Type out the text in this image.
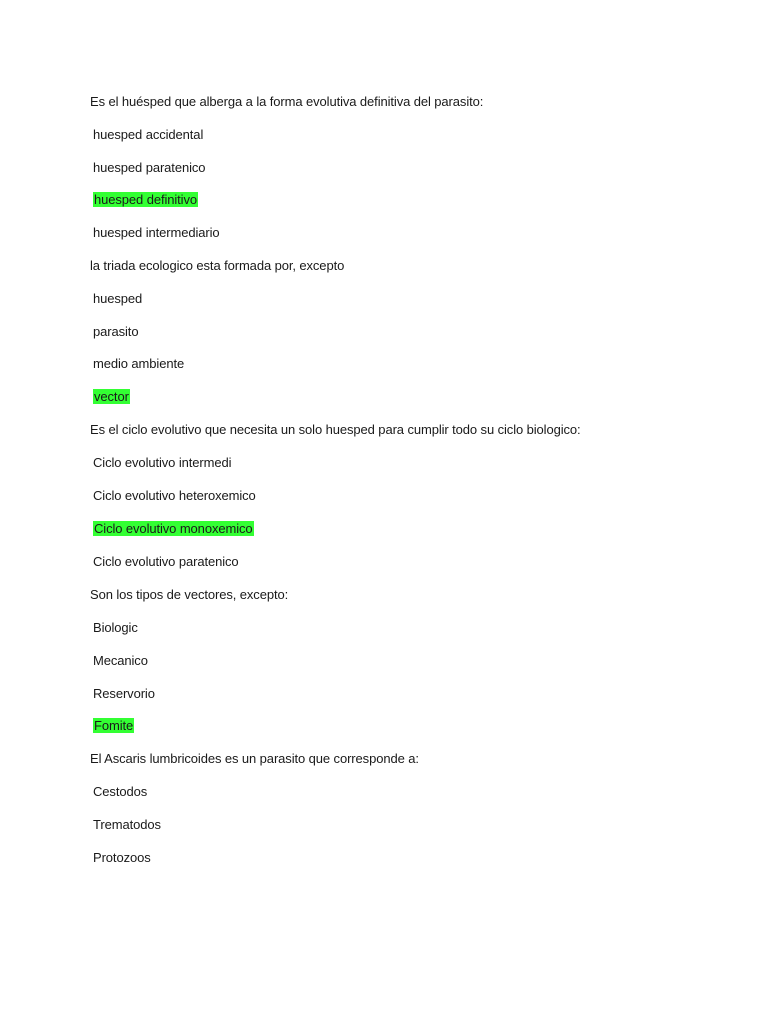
Es el huésped que alberga a la forma evolutiva definitiva del parasito:
huesped accidental
huesped paratenico
huesped definitivo
huesped intermediario
la triada ecologico esta formada por, excepto
huesped
parasito
medio ambiente
vector
Es el ciclo evolutivo que necesita un solo huesped para cumplir todo su ciclo biologico:
Ciclo evolutivo intermedi
Ciclo evolutivo heteroxemico
Ciclo evolutivo monoxemico
Ciclo evolutivo paratenico
Son los tipos de vectores, excepto:
Biologic
Mecanico
Reservorio
Fomite
El Ascaris lumbricoides es un parasito que corresponde a:
Cestodos
Trematodos
Protozoos
